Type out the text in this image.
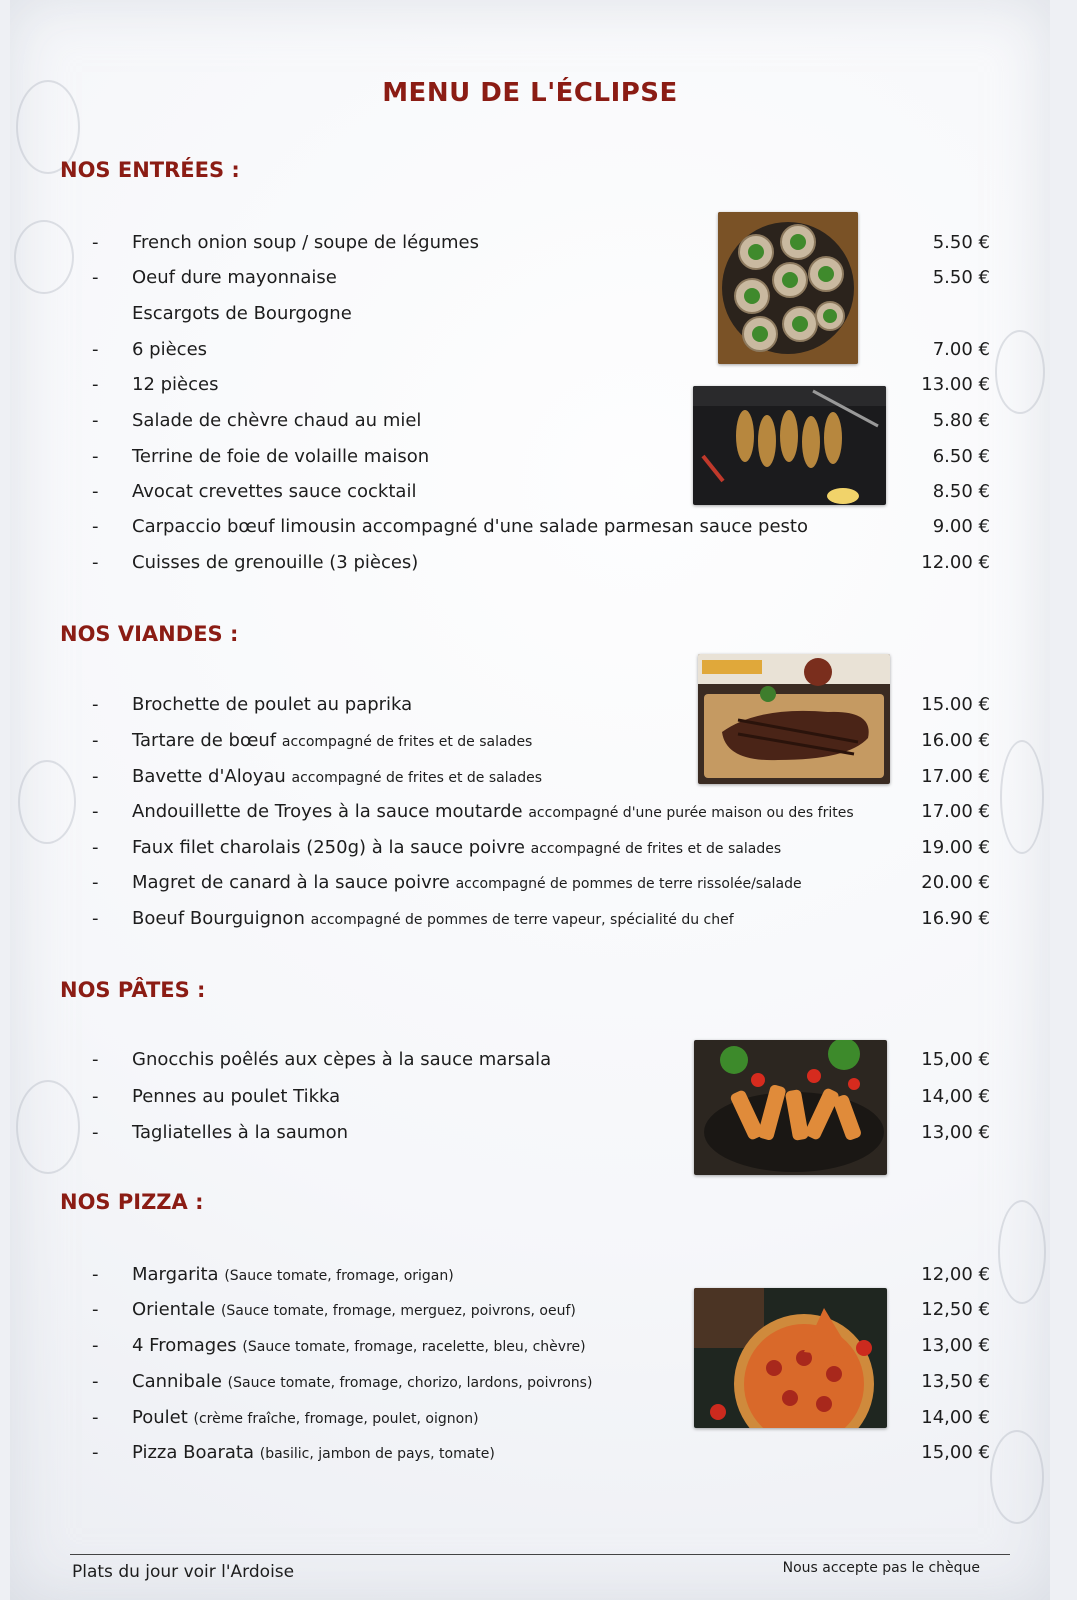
MENU DE L'ÉCLIPSE
NOS ENTRÉES :
-	French onion soup / soupe de légumes	5.50 €
-	Oeuf dure mayonnaise	5.50 €
Escargots de Bourgogne
-	6 pièces	7.00 €
-	12 pièces	13.00 €
-	Salade de chèvre chaud au miel	5.80 €
-	Terrine de foie de volaille maison	6.50 €
-	Avocat crevettes sauce cocktail	8.50 €
-	Carpaccio bœuf limousin accompagné d'une salade parmesan sauce pesto	9.00 €
-	Cuisses de grenouille (3 pièces)	12.00 €
NOS VIANDES :
-	Brochette de poulet au paprika	15.00 €
-	Tartare de bœuf accompagné de frites et de salades	16.00 €
-	Bavette d'Aloyau accompagné de frites et de salades	17.00 €
-	Andouillette de Troyes à la sauce moutarde accompagné d'une purée maison ou des frites	17.00 €
-	Faux filet charolais (250g) à la sauce poivre accompagné de frites et de salades	19.00 €
-	Magret de canard à la sauce poivre accompagné de pommes de terre rissolée/salade	20.00 €
-	Boeuf Bourguignon accompagné de pommes de terre vapeur, spécialité du chef	16.90 €
NOS PÂTES :
-	Gnocchis poêlés aux cèpes à la sauce marsala	15,00 €
-	Pennes au poulet Tikka	14,00 €
-	Tagliatelles à la saumon	13,00 €
NOS PIZZA :
-	Margarita (Sauce tomate, fromage, origan)	12,00 €
-	Orientale (Sauce tomate, fromage, merguez, poivrons, oeuf)	12,50 €
-	4 Fromages (Sauce tomate, fromage, racelette, bleu, chèvre)	13,00 €
-	Cannibale (Sauce tomate, fromage, chorizo, lardons, poivrons)	13,50 €
-	Poulet (crème fraîche, fromage, poulet, oignon)	14,00 €
-	Pizza Boarata (basilic, jambon de pays, tomate)	15,00 €
Plats du jour voir l'Ardoise	Nous accepte pas le chèque
